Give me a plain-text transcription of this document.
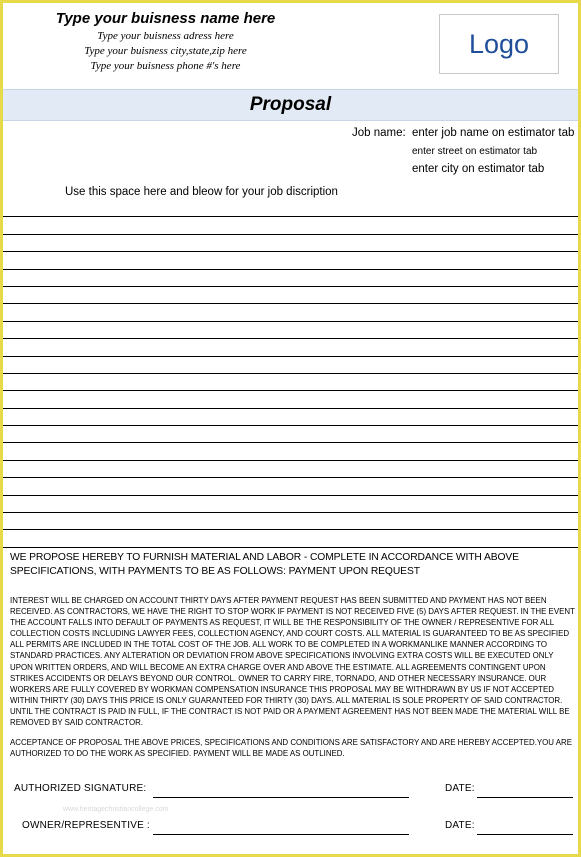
Type your buisness name here
Type your buisness adress here
Type your buisness city,state,zip here
Type your buisness phone #'s here
Logo
Proposal
Job name: enter job name on estimator tab
enter street on estimator tab
enter city on estimator tab
Use this space here and bleow for your job discription
WE PROPOSE HEREBY TO FURNISH MATERIAL AND LABOR - COMPLETE IN ACCORDANCE WITH ABOVE SPECIFICATIONS, WITH PAYMENTS TO BE AS FOLLOWS: PAYMENT UPON REQUEST
INTEREST WILL BE CHARGED ON ACCOUNT THIRTY DAYS AFTER PAYMENT REQUEST HAS BEEN SUBMITTED AND PAYMENT HAS NOT BEEN RECEIVED. AS CONTRACTORS, WE HAVE THE RIGHT TO STOP WORK IF PAYMENT IS NOT RECEIVED FIVE (5) DAYS AFTER REQUEST. IN THE EVENT THE ACCOUNT FALLS INTO DEFAULT OF PAYMENTS AS REQUEST, IT WILL BE THE RESPONSIBILITY OF THE OWNER / REPRESENTIVE FOR ALL COLLECTION COSTS INCLUDING LAWYER FEES, COLLECTION AGENCY, AND COURT COSTS. ALL MATERIAL IS GUARANTEED TO BE AS SPECIFIED ALL PERMITS ARE INCLUDED IN THE TOTAL COST OF THE JOB. ALL WORK TO BE COMPLETED IN A WORKMANLIKE MANNER ACCORDING TO STANDARD PRACTICES. ANY ALTERATION OR DEVIATION FROM ABOVE SPECIFICATIONS INVOLVING EXTRA COSTS WILL BE EXECUTED ONLY UPON WRITTEN ORDERS, AND WILL BECOME AN EXTRA CHARGE OVER AND ABOVE THE ESTIMATE. ALL AGREEMENTS CONTINGENT UPON STRIKES ACCIDENTS OR DELAYS BEYOND OUR CONTROL. OWNER TO CARRY FIRE, TORNADO, AND OTHER NECESSARY INSURANCE. OUR WORKERS ARE FULLY COVERED BY WORKMAN COMPENSATION INSURANCE THIS PROPOSAL MAY BE WITHDRAWN BY US IF NOT ACCEPTED WITHIN THIRTY (30) DAYS THIS PRICE IS ONLY GUARANTEED FOR THIRTY (30) DAYS. ALL MATERIAL IS SOLE PROPERTY OF SAID CONTRACTOR. UNTIL THE CONTRACT IS PAID IN FULL, IF THE CONTRACT IS NOT PAID OR A PAYMENT AGREEMENT HAS NOT BEEN MADE THE MATERIAL WILL BE REMOVED BY SAID CONTRACTOR.
ACCEPTANCE OF PROPOSAL THE ABOVE PRICES, SPECIFICATIONS AND CONDITIONS ARE SATISFACTORY AND ARE HEREBY ACCEPTED.YOU ARE AUTHORIZED TO DO THE WORK AS SPECIFIED. PAYMENT WILL BE MADE AS OUTLINED.
AUTHORIZED SIGNATURE:	DATE:
www.heritagechristiancollege.com
OWNER/REPRESENTIVE :	DATE:
